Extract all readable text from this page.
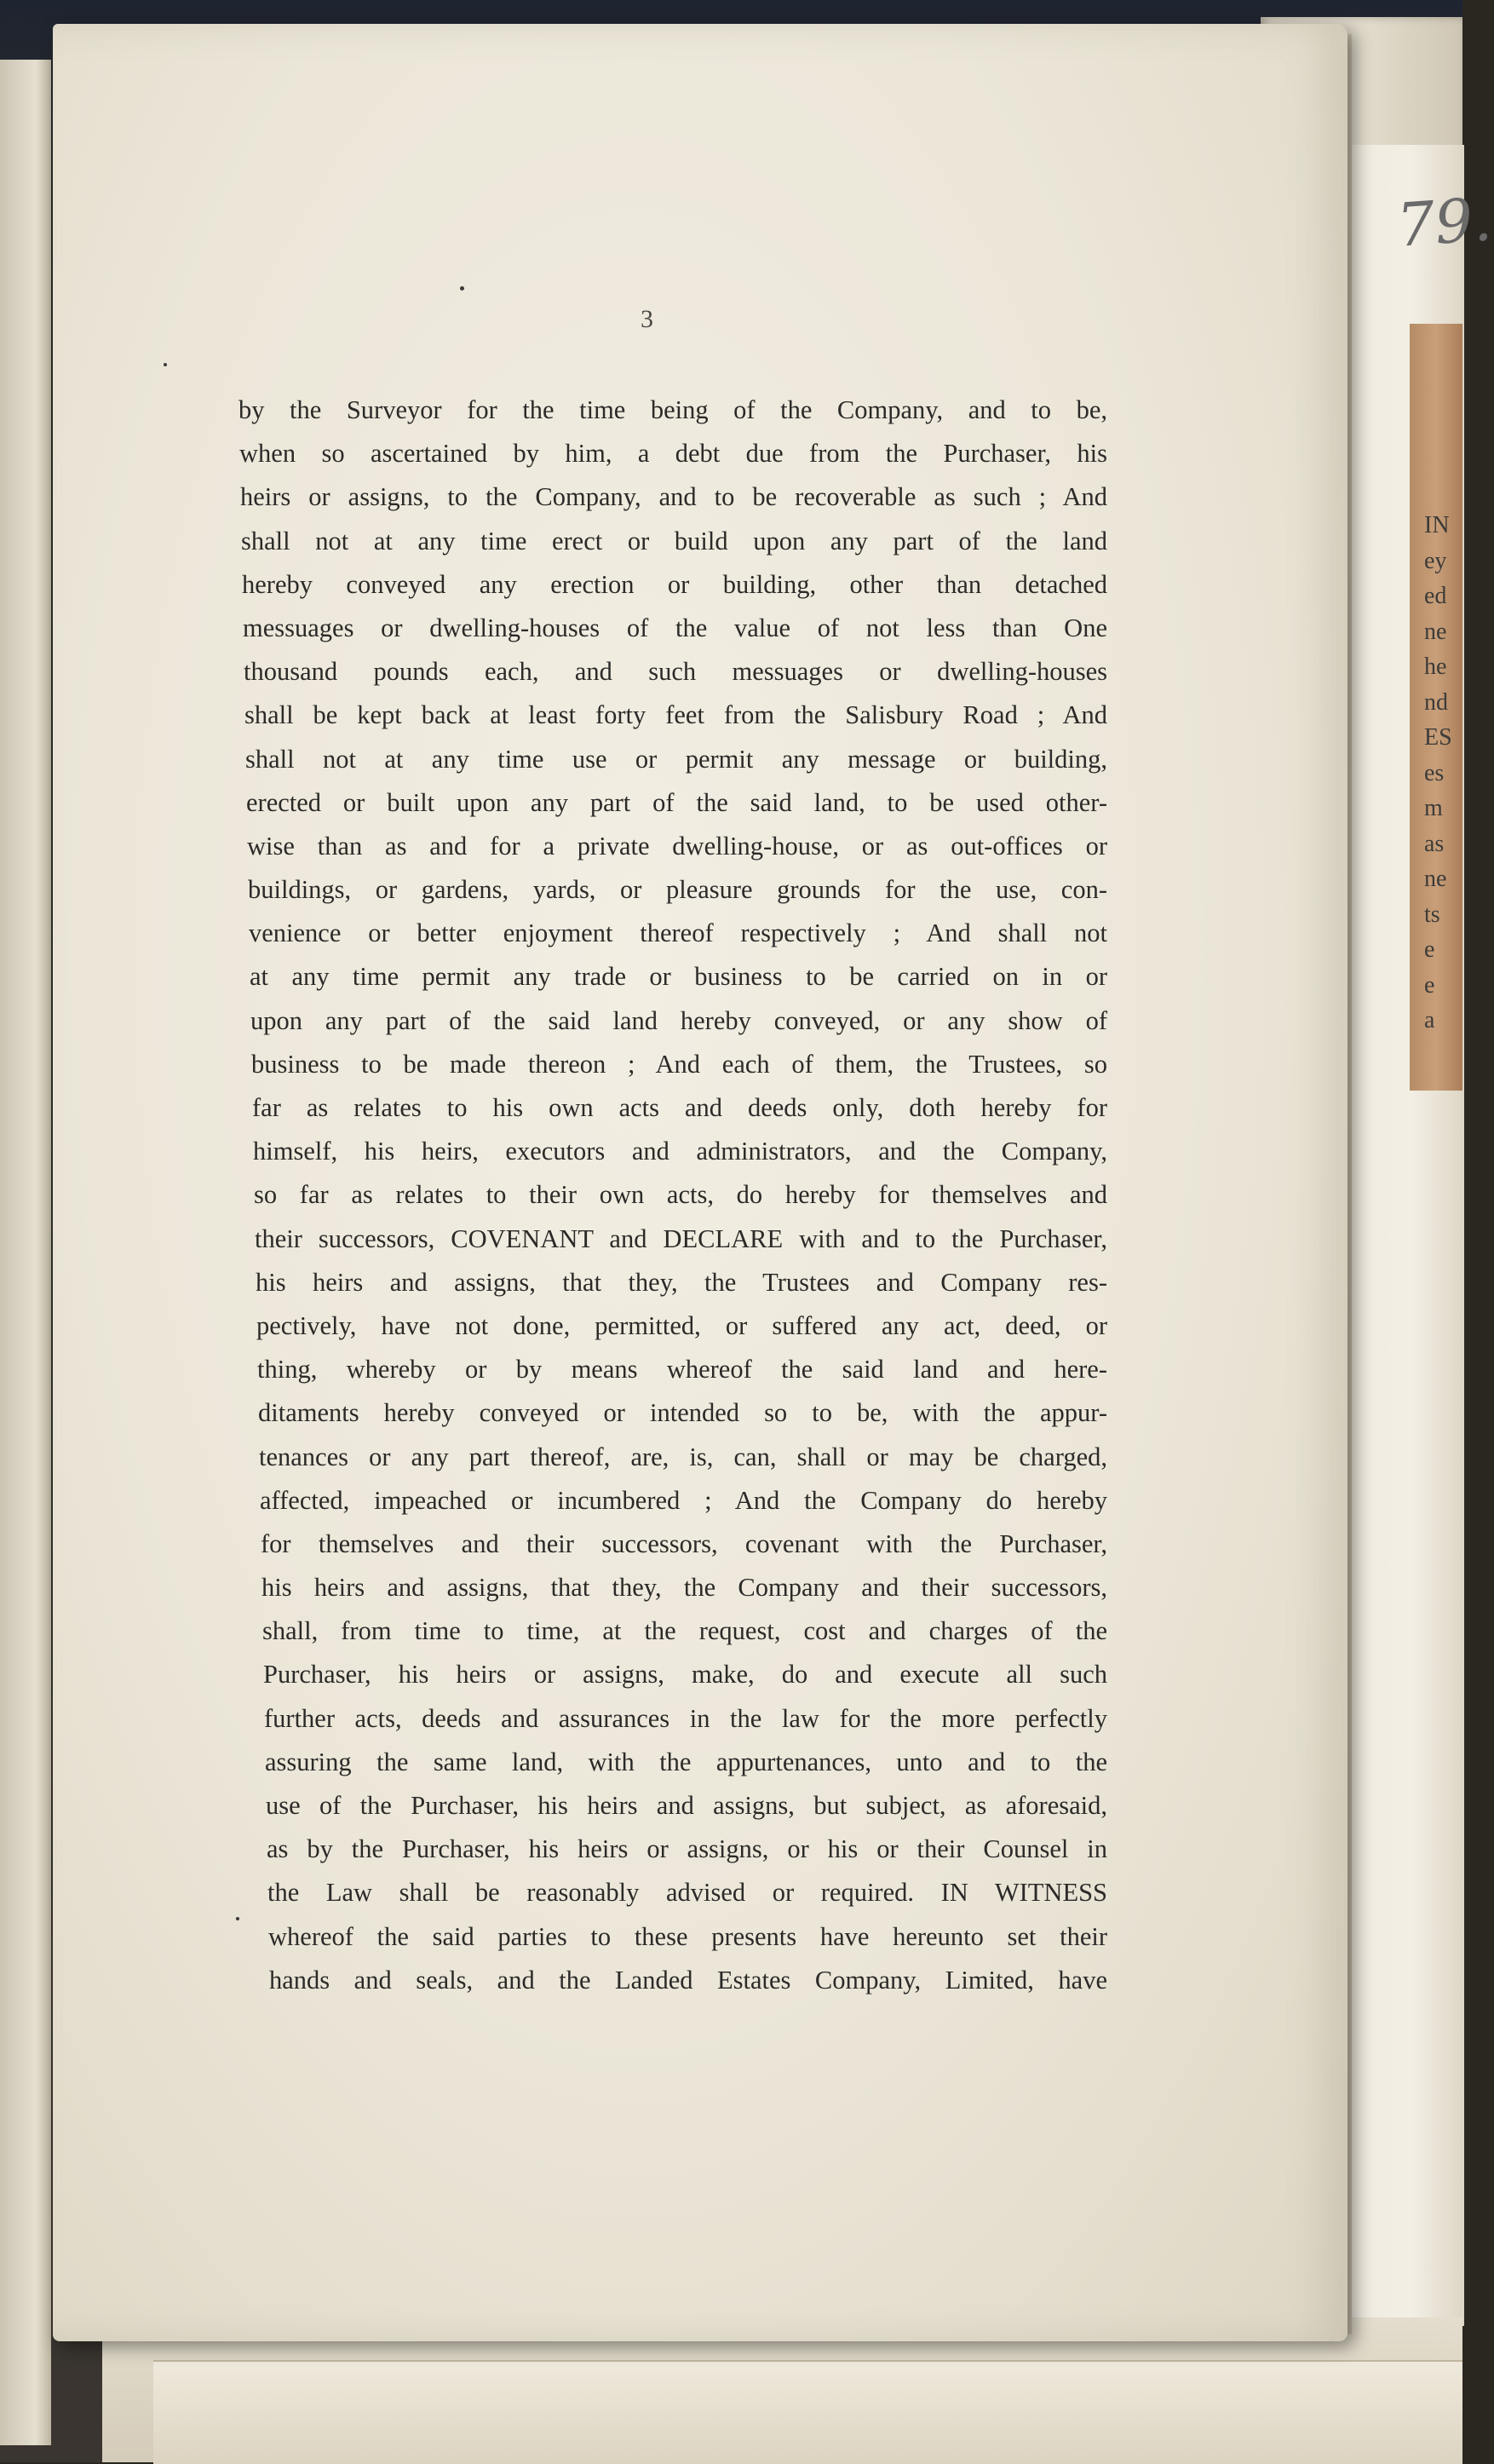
79.
IN
ey
ed
ne
he
nd
ES
es
m
as
ne
ts
e
e
a
3
by the Surveyor for the time being of the Company, and to be,
when so ascertained by him, a debt due from the Purchaser, his
heirs or assigns, to the Company, and to be recoverable as such ; And
shall not at any time erect or build upon any part of the land
hereby conveyed any erection or building, other than detached
messuages or dwelling-houses of the value of not less than One
thousand pounds each, and such messuages or dwelling-houses
shall be kept back at least forty feet from the Salisbury Road ; And
shall not at any time use or permit any message or building,
erected or built upon any part of the said land, to be used other-
wise than as and for a private dwelling-house, or as out-offices or
buildings, or gardens, yards, or pleasure grounds for the use, con-
venience or better enjoyment thereof respectively ; And shall not
at any time permit any trade or business to be carried on in or
upon any part of the said land hereby conveyed, or any show of
business to be made thereon ; And each of them, the Trustees, so
far as relates to his own acts and deeds only, doth hereby for
himself, his heirs, executors and administrators, and the Company,
so far as relates to their own acts, do hereby for themselves and
their successors, COVENANT and DECLARE with and to the Purchaser,
his heirs and assigns, that they, the Trustees and Company res-
pectively, have not done, permitted, or suffered any act, deed, or
thing, whereby or by means whereof the said land and here-
ditaments hereby conveyed or intended so to be, with the appur-
tenances or any part thereof, are, is, can, shall or may be charged,
affected, impeached or incumbered ; And the Company do hereby
for themselves and their successors, covenant with the Purchaser,
his heirs and assigns, that they, the Company and their successors,
shall, from time to time, at the request, cost and charges of the
Purchaser, his heirs or assigns, make, do and execute all such
further acts, deeds and assurances in the law for the more perfectly
assuring the same land, with the appurtenances, unto and to the
use of the Purchaser, his heirs and assigns, but subject, as aforesaid,
as by the Purchaser, his heirs or assigns, or his or their Counsel in
the Law shall be reasonably advised or required. IN WITNESS
whereof the said parties to these presents have hereunto set their
hands and seals, and the Landed Estates Company, Limited, have
